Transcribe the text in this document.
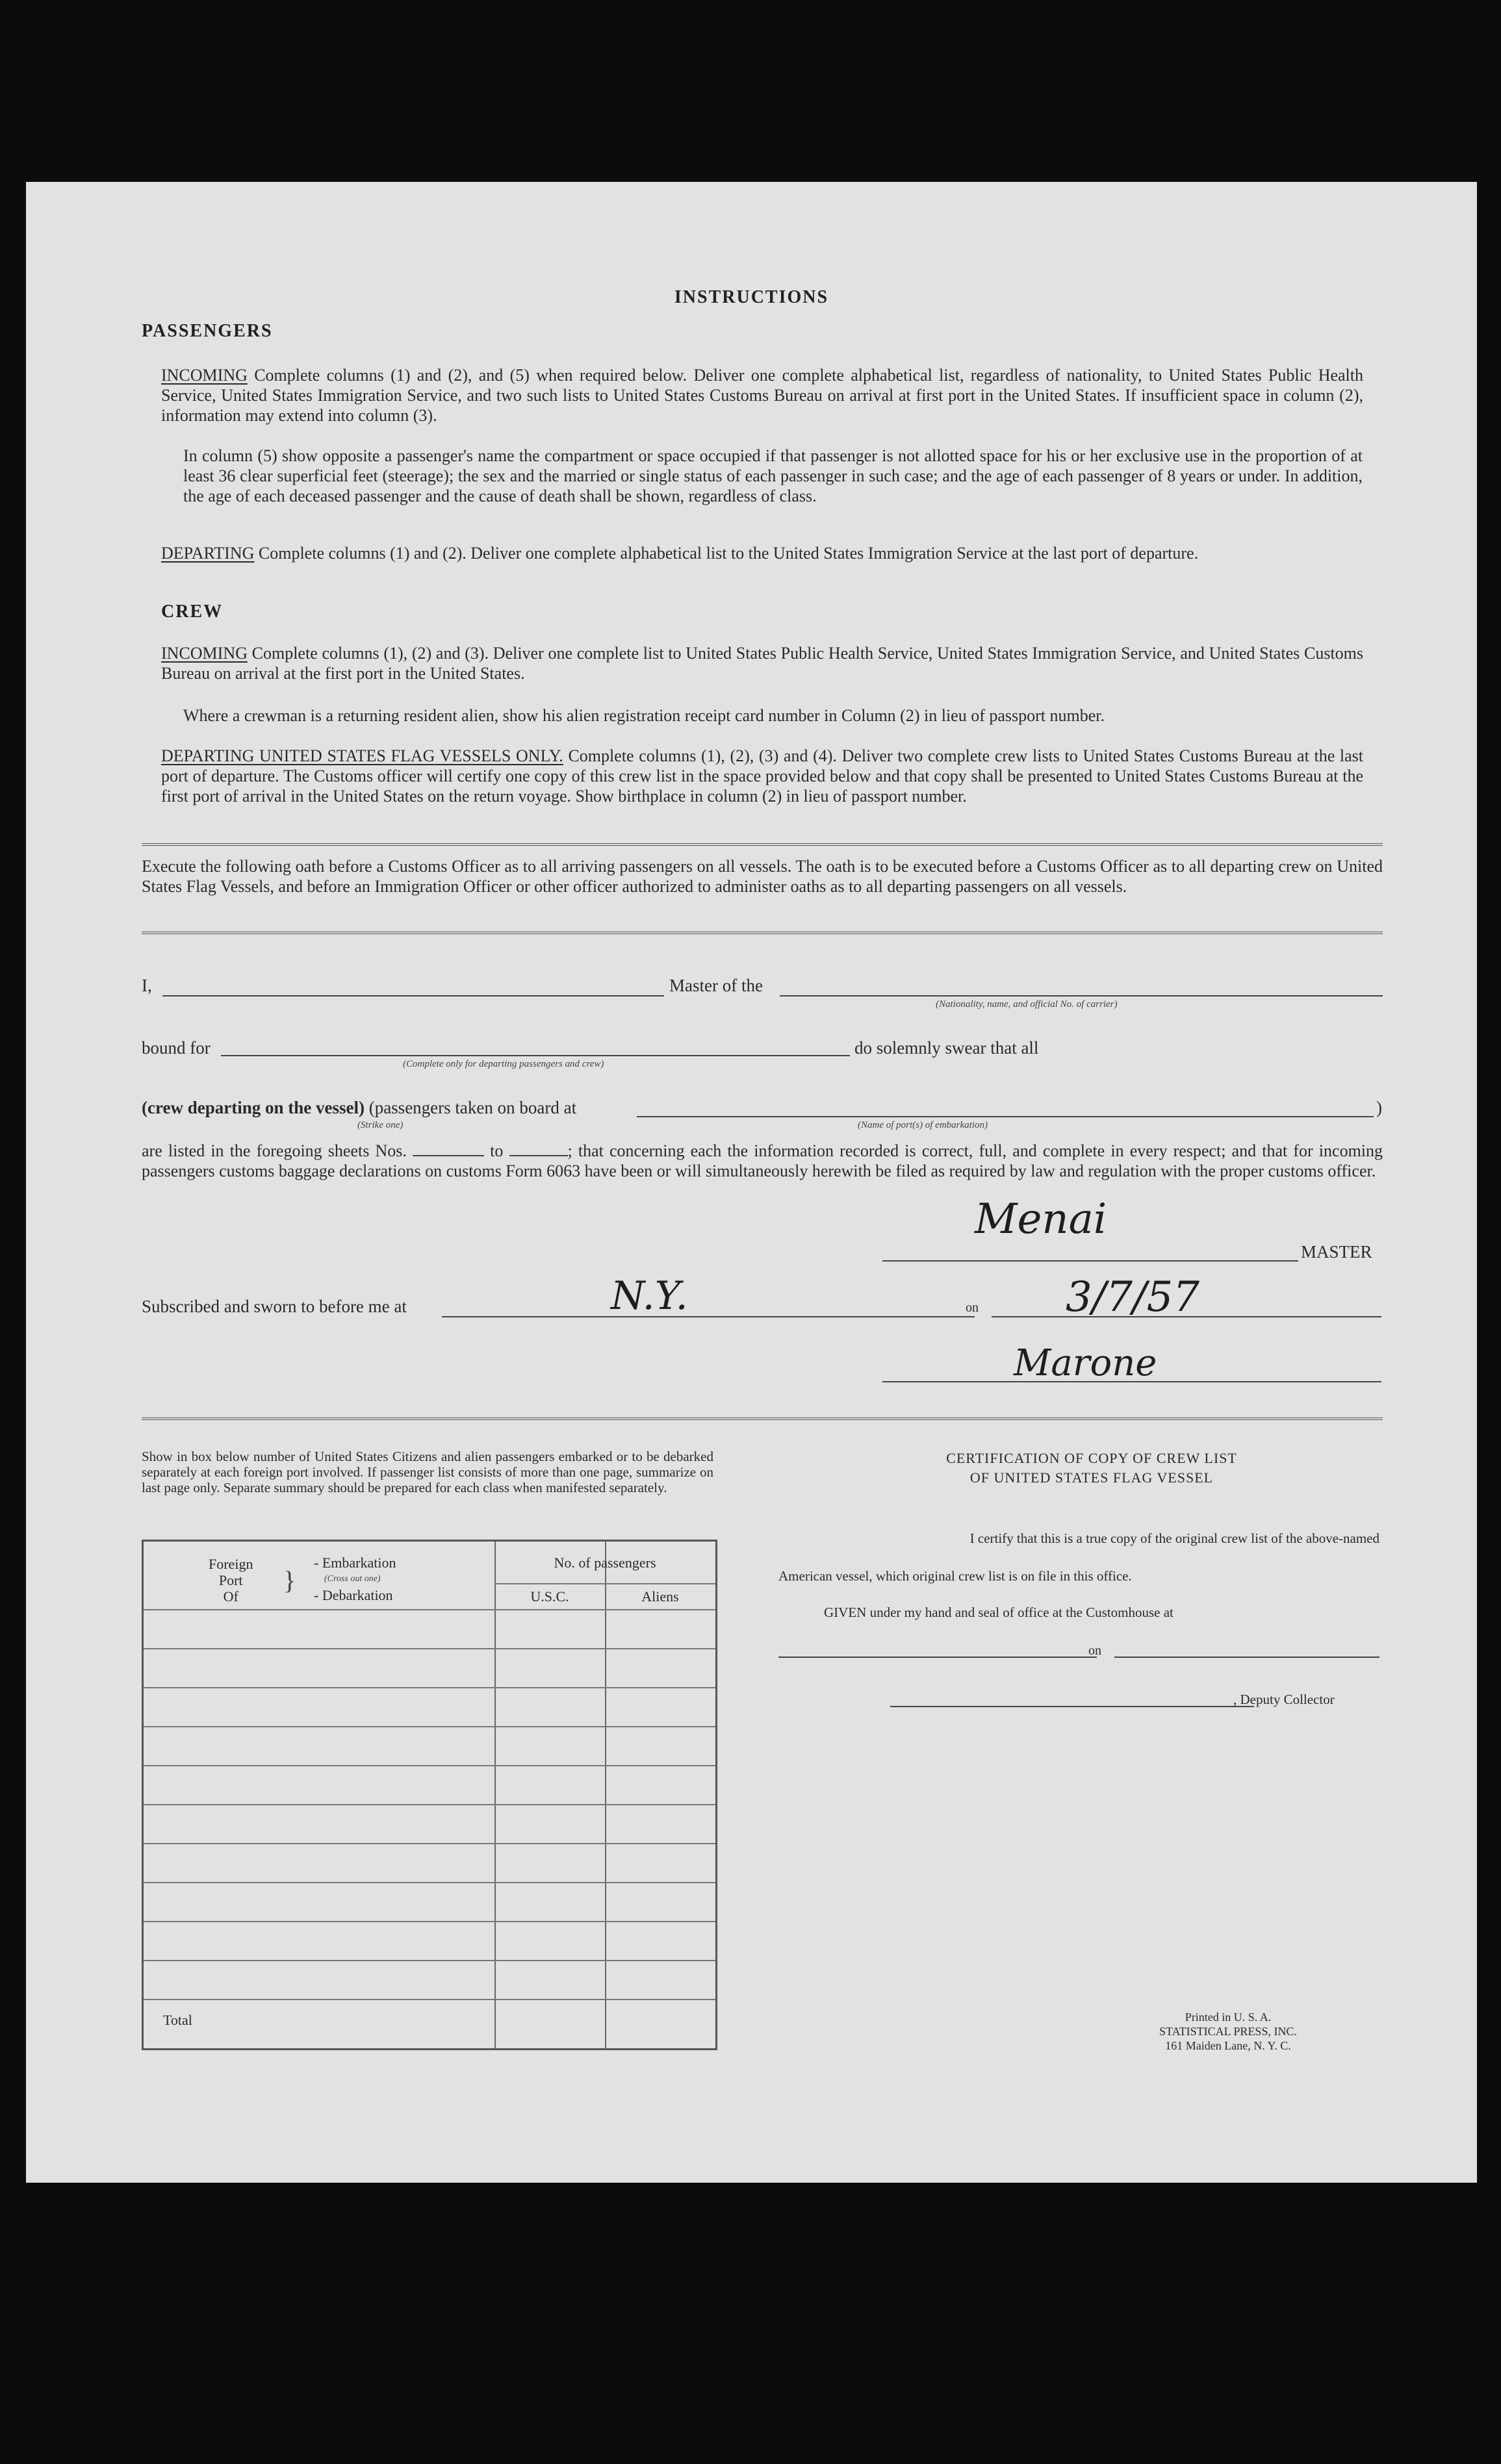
INSTRUCTIONS
PASSENGERS
INCOMING Complete columns (1) and (2), and (5) when required below. Deliver one complete alphabetical list, regardless of nationality, to United States Public Health Service, United States Immigration Service, and two such lists to United States Customs Bureau on arrival at first port in the United States. If insufficient space in column (2), information may extend into column (3).
In column (5) show opposite a passenger's name the compartment or space occupied if that passenger is not allotted space for his or her exclusive use in the proportion of at least 36 clear superficial feet (steerage); the sex and the married or single status of each passenger in such case; and the age of each passenger of 8 years or under. In addition, the age of each deceased passenger and the cause of death shall be shown, regardless of class.
DEPARTING Complete columns (1) and (2). Deliver one complete alphabetical list to the United States Immigration Service at the last port of departure.
CREW
INCOMING Complete columns (1), (2) and (3). Deliver one complete list to United States Public Health Service, United States Immigration Service, and United States Customs Bureau on arrival at the first port in the United States.
Where a crewman is a returning resident alien, show his alien registration receipt card number in Column (2) in lieu of passport number.
DEPARTING UNITED STATES FLAG VESSELS ONLY. Complete columns (1), (2), (3) and (4). Deliver two complete crew lists to United States Customs Bureau at the last port of departure. The Customs officer will certify one copy of this crew list in the space provided below and that copy shall be presented to United States Customs Bureau at the first port of arrival in the United States on the return voyage. Show birthplace in column (2) in lieu of passport number.
Execute the following oath before a Customs Officer as to all arriving passengers on all vessels. The oath is to be executed before a Customs Officer as to all departing crew on United States Flag Vessels, and before an Immigration Officer or other officer authorized to administer oaths as to all departing passengers on all vessels.
I,	Master of the
(Nationality, name, and official No. of carrier)
bound for
(Complete only for departing passengers and crew)
do solemnly swear that all
(crew departing on the vessel) (passengers taken on board at
(Strike one)
)
(Name of port(s) of embarkation)
are listed in the foregoing sheets Nos.	to	; that concerning each the information recorded is correct, full, and complete in every respect; and that for incoming passengers customs baggage declarations on customs Form 6063 have been or will simultaneously herewith be filed as required by law and regulation with the proper customs officer.
Menai
MASTER
Subscribed and sworn to before me at	N.Y.	on 3/7/57
Marone
Show in box below number of United States Citizens and alien passengers embarked or to be debarked separately at each foreign port involved. If passenger list consists of more than one page, summarize on last page only. Separate summary should be prepared for each class when manifested separately.
Foreign
Port
Of
}
- Embarkation
(Cross out one)
- Debarkation
No. of passengers
U.S.C.	Aliens
Total
CERTIFICATION OF COPY OF CREW LIST
OF UNITED STATES FLAG VESSEL
I certify that this is a true copy of the original crew list of the above-named
American vessel, which original crew list is on file in this office.
GIVEN under my hand and seal of office at the Customhouse at
on
, Deputy Collector
Printed in U. S. A.
STATISTICAL PRESS, INC.
161 Maiden Lane, N. Y. C.
